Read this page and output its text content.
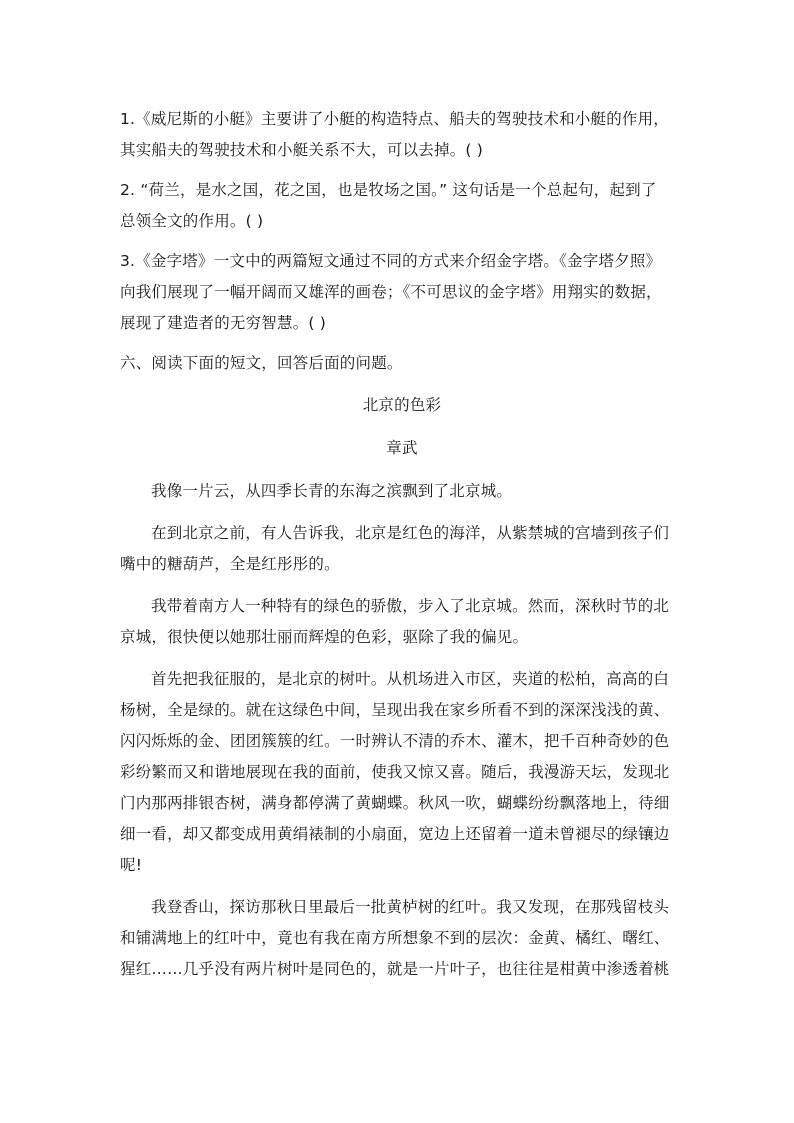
1.《威尼斯的小艇》主要讲了小艇的构造特点、船夫的驾驶技术和小艇的作用，
其实船夫的驾驶技术和小艇关系不大，可以去掉。( )
2. “荷兰，是水之国，花之国，也是牧场之国。” 这句话是一个总起句，起到了
总领全文的作用。( )
3.《金字塔》一文中的两篇短文通过不同的方式来介绍金字塔。《金字塔夕照》
向我们展现了一幅开阔而又雄浑的画卷；《不可思议的金字塔》用翔实的数据，
展现了建造者的无穷智慧。( )
六、阅读下面的短文，回答后面的问题。
北京的色彩
章武
我像一片云，从四季长青的东海之滨飘到了北京城。
在到北京之前，有人告诉我，北京是红色的海洋，从紫禁城的宫墙到孩子们
嘴中的糖葫芦，全是红彤彤的。
我带着南方人一种特有的绿色的骄傲，步入了北京城。然而，深秋时节的北
京城，很快便以她那壮丽而辉煌的色彩，驱除了我的偏见。
首先把我征服的，是北京的树叶。从机场进入市区，夹道的松柏，高高的白
杨树，全是绿的。就在这绿色中间，呈现出我在家乡所看不到的深深浅浅的黄、
闪闪烁烁的金、团团簇簇的红。一时辨认不清的乔木、灌木，把千百种奇妙的色
彩纷繁而又和谐地展现在我的面前，使我又惊又喜。随后，我漫游天坛，发现北
门内那两排银杏树，满身都停满了黄蝴蝶。秋风一吹，蝴蝶纷纷飘落地上，待细
细一看，却又都变成用黄绢裱制的小扇面，宽边上还留着一道未曾褪尽的绿镶边
呢!
我登香山，探访那秋日里最后一批黄栌树的红叶。我又发现，在那残留枝头
和铺满地上的红叶中，竟也有我在南方所想象不到的层次：金黄、橘红、曙红、
猩红……几乎没有两片树叶是同色的，就是一片叶子，也往往是柑黄中渗透着桃
